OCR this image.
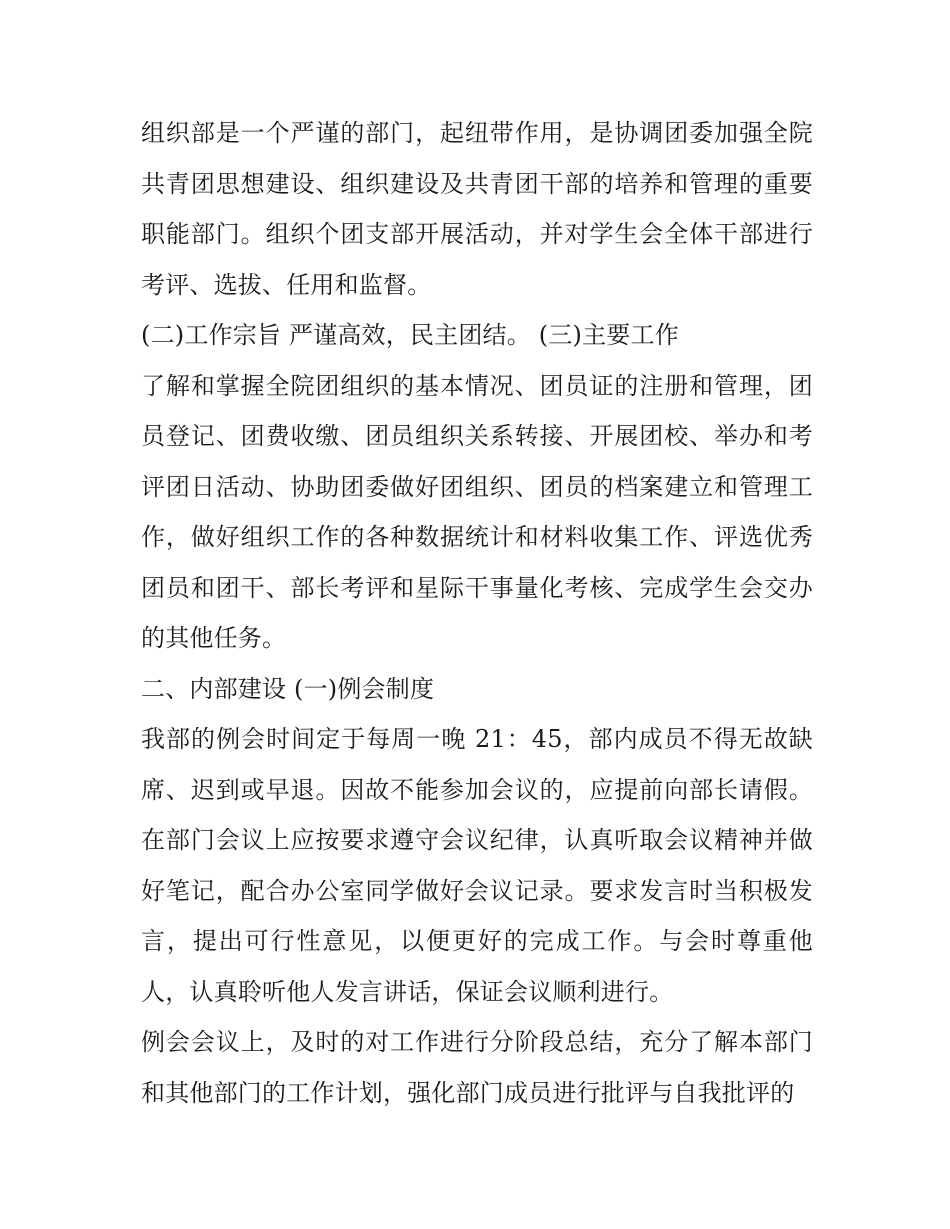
组织部是一个严谨的部门，起纽带作用，是协调团委加强全院共青团思想建设、组织建设及共青团干部的培养和管理的重要职能部门。组织个团支部开展活动，并对学生会全体干部进行考评、选拔、任用和监督。

(二)工作宗旨 严谨高效，民主团结。 (三)主要工作

了解和掌握全院团组织的基本情况、团员证的注册和管理，团员登记、团费收缴、团员组织关系转接、开展团校、举办和考评团日活动、协助团委做好团组织、团员的档案建立和管理工作，做好组织工作的各种数据统计和材料收集工作、评选优秀团员和团干、部长考评和星际干事量化考核、完成学生会交办的其他任务。

二、内部建设 (一)例会制度

我部的例会时间定于每周一晚 21：45，部内成员不得无故缺席、迟到或早退。因故不能参加会议的，应提前向部长请假。在部门会议上应按要求遵守会议纪律，认真听取会议精神并做好笔记，配合办公室同学做好会议记录。要求发言时当积极发言，提出可行性意见，以便更好的完成工作。与会时尊重他人，认真聆听他人发言讲话，保证会议顺利进行。

例会会议上，及时的对工作进行分阶段总结，充分了解本部门和其他部门的工作计划，强化部门成员进行批评与自我批评的
